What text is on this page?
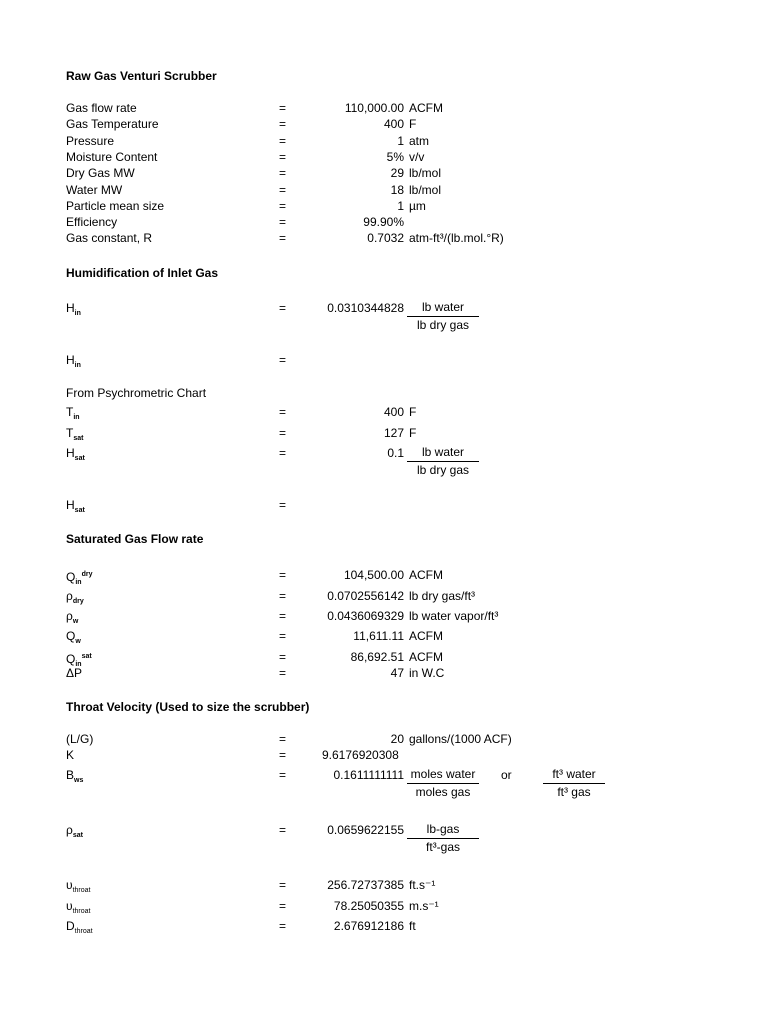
Raw Gas Venturi Scrubber
Gas flow rate	=	110,000.00 ACFM
Gas Temperature	=	400 F
Pressure	=	1 atm
Moisture Content	=	5% v/v
Dry Gas MW	=	29 lb/mol
Water MW	=	18 lb/mol
Particle mean size	=	1 µm
Efficiency	=	99.90%
Gas constant, R	=	0.7032 atm-ft³/(lb.mol.°R)
Humidification of Inlet Gas
$H_{in}$	=	0.0310344828	lb water
lb dry gas
$H_{in}$	=
From Psychrometric Chart
$T_{in}$	=	400 F
$T_{sat}$	=	127 F
$H_{sat}$	=	0.1	lb water
lb dry gas
$H_{sat}$	=
Saturated Gas Flow rate
$Q_{in}^{dry}$	=	104,500.00 ACFM
$\rho_{dry}$	=	0.0702556142 lb dry gas/ft³
$\rho_w$	=	0.0436069329 lb water vapor/ft³
$Q_w$	=	11,611.11 ACFM
$Q_{in}^{sat}$	=	86,692.51 ACFM
ΔP	=	47 in W.C
Throat Velocity (Used to size the scrubber)
(L/G)	=	20 gallons/(1000 ACF)
K	=	9.6176920308
$B_{ws}$	=	0.1611111111 moles water
moles gas
or	ft³ water
ft³ gas
$\rho_{sat}$	=	0.0659622155	lb-gas
ft³-gas
$\upsilon_{throat}$	=	256.72737385 ft.s⁻¹
$\upsilon_{throat}$	=	78.25050355 m.s⁻¹
$D_{throat}$	=	2.676912186 ft
